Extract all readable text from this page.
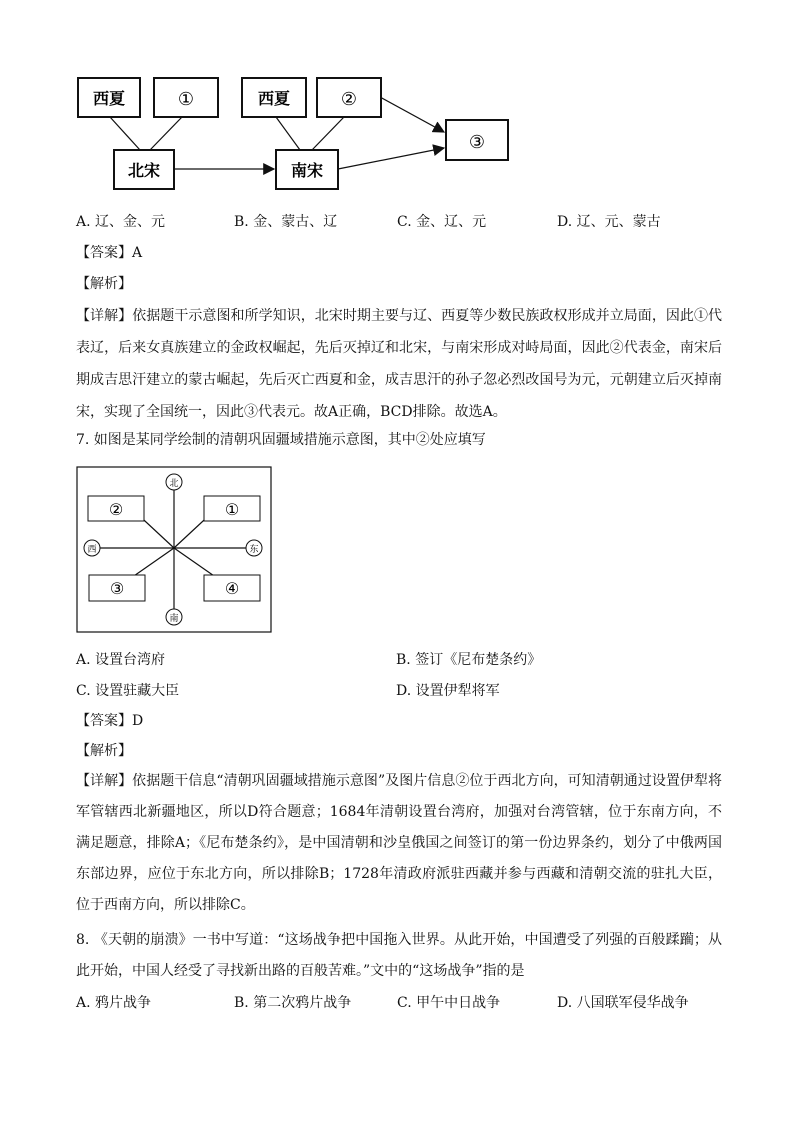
西夏	①	西夏	②
北宋	南宋
③
A. 辽、金、元	B. 金、蒙古、辽	C. 金、辽、元	D. 辽、元、蒙古
【答案】A
【解析】
【详解】依据题干示意图和所学知识，北宋时期主要与辽、西夏等少数民族政权形成并立局面，因此①代表辽，后来女真族建立的金政权崛起，先后灭掉辽和北宋，与南宋形成对峙局面，因此②代表金，南宋后期成吉思汗建立的蒙古崛起，先后灭亡西夏和金，成吉思汗的孙子忽必烈改国号为元，元朝建立后灭掉南宋，实现了全国统一，因此③代表元。故A正确，BCD排除。故选A。
7. 如图是某同学绘制的清朝巩固疆域措施示意图，其中②处应填写
北
南
西	东
②	①
③	④
A. 设置台湾府	B. 签订《尼布楚条约》
C. 设置驻藏大臣	D. 设置伊犁将军
【答案】D
【解析】
【详解】依据题干信息“清朝巩固疆域措施示意图”及图片信息②位于西北方向，可知清朝通过设置伊犁将军管辖西北新疆地区，所以D符合题意；1684年清朝设置台湾府，加强对台湾管辖，位于东南方向，不满足题意，排除A；《尼布楚条约》，是中国清朝和沙皇俄国之间签订的第一份边界条约，划分了中俄两国东部边界，应位于东北方向，所以排除B；1728年清政府派驻西藏并参与西藏和清朝交流的驻扎大臣，位于西南方向，所以排除C。
8. 《天朝的崩溃》一书中写道：“这场战争把中国拖入世界。从此开始，中国遭受了列强的百般蹂躏；从此开始，中国人经受了寻找新出路的百般苦难。”文中的“这场战争”指的是
A. 鸦片战争	B. 第二次鸦片战争	C. 甲午中日战争	D. 八国联军侵华战争
